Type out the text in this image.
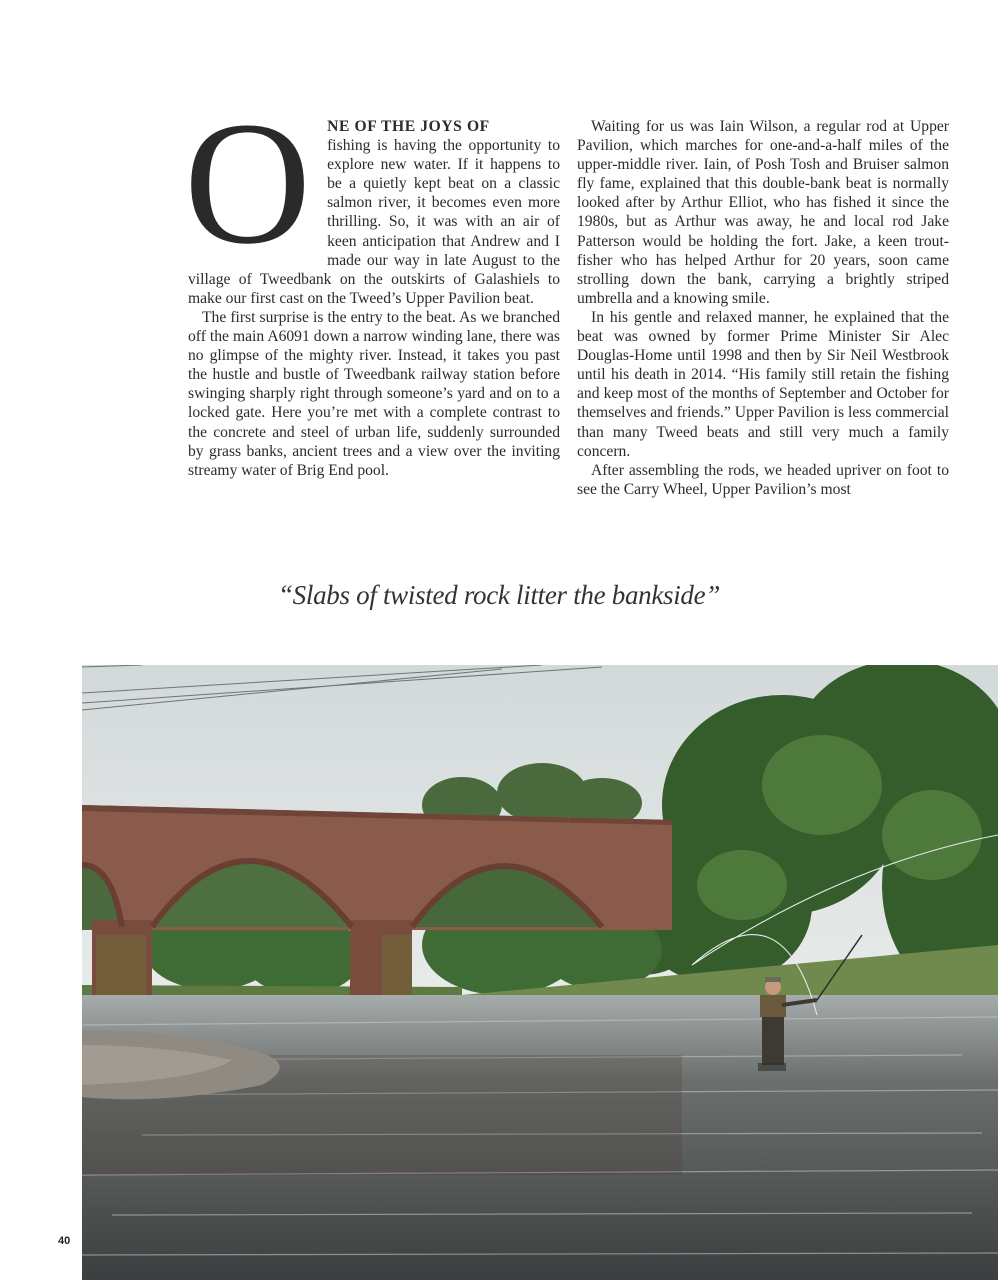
O NE OF THE JOYS OF
fishing is having the opportunity to explore new water. If it happens to be a quietly kept beat on a classic salmon river, it becomes even more thrilling. So, it was with an air of keen anticipation that Andrew and I made our way in late August to the village of Tweedbank on the outskirts of Galashiels to make our first cast on the Tweed’s Upper Pavilion beat.

The first surprise is the entry to the beat. As we branched off the main A6091 down a narrow winding lane, there was no glimpse of the mighty river. Instead, it takes you past the hustle and bustle of Tweedbank railway station before swinging sharply right through someone’s yard and on to a locked gate. Here you’re met with a complete contrast to the concrete and steel of urban life, suddenly surrounded by grass banks, ancient trees and a view over the inviting streamy water of Brig End pool.

Waiting for us was Iain Wilson, a regular rod at Upper Pavilion, which marches for one-and-a-half miles of the upper-middle river. Iain, of Posh Tosh and Bruiser salmon fly fame, explained that this double-bank beat is normally looked after by Arthur Elliot, who has fished it since the 1980s, but as Arthur was away, he and local rod Jake Patterson would be holding the fort. Jake, a keen trout-fisher who has helped Arthur for 20 years, soon came strolling down the bank, carrying a brightly striped umbrella and a knowing smile.

In his gentle and relaxed manner, he explained that the beat was owned by former Prime Minister Sir Alec Douglas-Home until 1998 and then by Sir Neil Westbrook until his death in 2014. “His family still retain the fishing and keep most of the months of September and October for themselves and friends.” Upper Pavilion is less commercial than many Tweed beats and still very much a family concern.

After assembling the rods, we headed upriver on foot to see the Carry Wheel, Upper Pavilion’s most

“Slabs of twisted rock litter the bankside”
40
